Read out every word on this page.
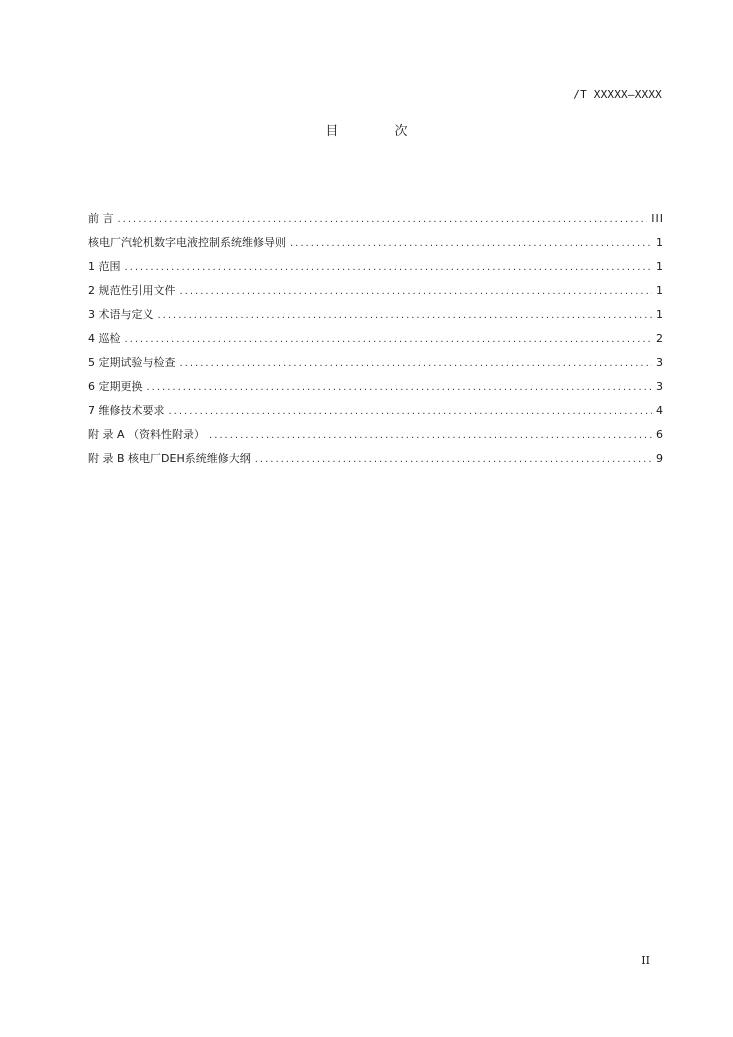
/T XXXXX—XXXX
目 次
前 言 .....	III
核电厂汽轮机数字电液控制系统维修导则 .....	1
1 范围 .....	1
2 规范性引用文件 .....	1
3 术语与定义 .....	1
4 巡检 .....	2
5 定期试验与检查 .....	3
6 定期更换 .....	3
7 维修技术要求 .....	4
附 录 A （资料性附录） .....	6
附 录 B 核电厂DEH系统维修大纲 .....	9
II
